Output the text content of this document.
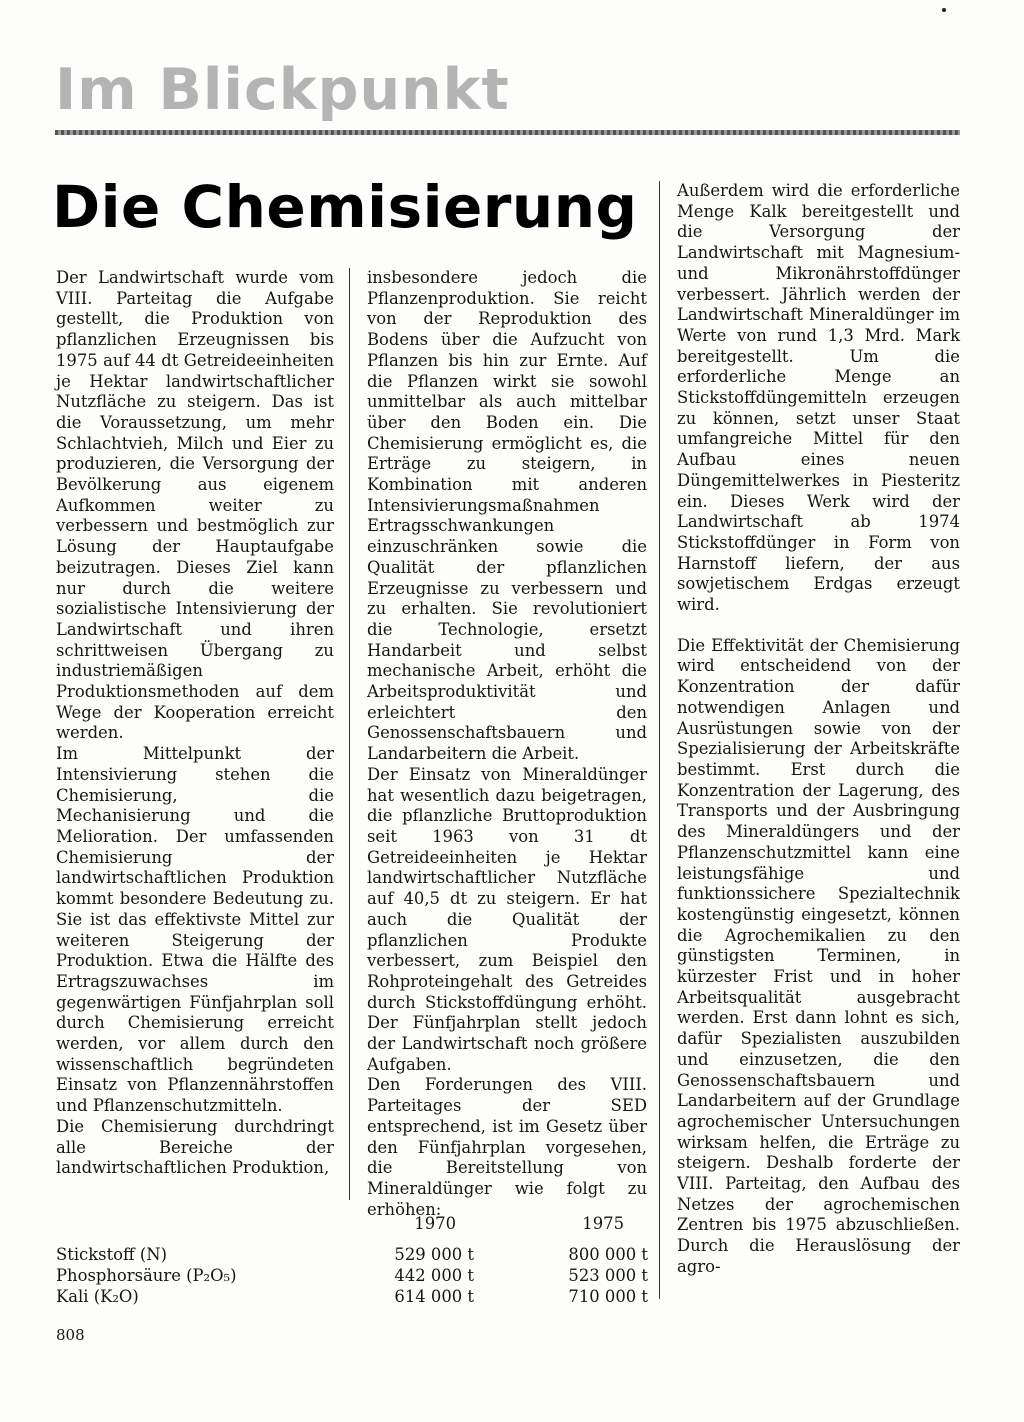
Im Blickpunkt
Die Chemisierung

Der Landwirtschaft wurde vom VIII. Parteitag die Aufgabe gestellt, die Produktion von pflanzlichen Erzeugnissen bis 1975 auf 44 dt Getreideeinheiten je Hektar landwirtschaftlicher Nutzfläche zu steigern. Das ist die Voraussetzung, um mehr Schlachtvieh, Milch und Eier zu produzieren, die Versorgung der Bevölkerung aus eigenem Aufkommen weiter zu verbessern und bestmöglich zur Lösung der Hauptaufgabe beizutragen. Dieses Ziel kann nur durch die weitere sozialistische Intensivierung der Landwirtschaft und ihren schrittweisen Übergang zu industriemäßigen Produktionsmethoden auf dem Wege der Kooperation erreicht werden.

Im Mittelpunkt der Intensivierung stehen die Chemisierung, die Mechanisierung und die Melioration. Der umfassenden Chemisierung der landwirtschaftlichen Produktion kommt besondere Bedeutung zu. Sie ist das effektivste Mittel zur weiteren Steigerung der Produktion. Etwa die Hälfte des Ertragszuwachses im gegenwärtigen Fünfjahrplan soll durch Chemisierung erreicht werden, vor allem durch den wissenschaftlich begründeten Einsatz von Pflanzennährstoffen und Pflanzenschutzmitteln.

Die Chemisierung durchdringt alle Bereiche der landwirtschaftlichen Produktion,

insbesondere jedoch die Pflanzenproduktion. Sie reicht von der Reproduktion des Bodens über die Aufzucht von Pflanzen bis hin zur Ernte. Auf die Pflanzen wirkt sie sowohl unmittelbar als auch mittelbar über den Boden ein. Die Chemisierung ermöglicht es, die Erträge zu steigern, in Kombination mit anderen Intensivierungsmaßnahmen Ertragsschwankungen einzuschränken sowie die Qualität der pflanzlichen Erzeugnisse zu verbessern und zu erhalten. Sie revolutioniert die Technologie, ersetzt Handarbeit und selbst mechanische Arbeit, erhöht die Arbeitsproduktivität und erleichtert den Genossenschaftsbauern und Landarbeitern die Arbeit.

Der Einsatz von Mineraldünger hat wesentlich dazu beigetragen, die pflanzliche Bruttoproduktion seit 1963 von 31 dt Getreideeinheiten je Hektar landwirtschaftlicher Nutzfläche auf 40,5 dt zu steigern. Er hat auch die Qualität der pflanzlichen Produkte verbessert, zum Beispiel den Rohproteingehalt des Getreides durch Stickstoffdüngung erhöht. Der Fünfjahrplan stellt jedoch der Landwirtschaft noch größere Aufgaben.

Den Forderungen des VIII. Parteitages der SED entsprechend, ist im Gesetz über den Fünfjahrplan vorgesehen, die Bereitstellung von Mineraldünger wie folgt zu erhöhen:

Außerdem wird die erforderliche Menge Kalk bereitgestellt und die Versorgung der Landwirtschaft mit Magnesium- und Mikronährstoffdünger verbessert. Jährlich werden der Landwirtschaft Mineraldünger im Werte von rund 1,3 Mrd. Mark bereitgestellt. Um die erforderliche Menge an Stickstoffdüngemitteln erzeugen zu können, setzt unser Staat umfangreiche Mittel für den Aufbau eines neuen Düngemittelwerkes in Piesteritz ein. Dieses Werk wird der Landwirtschaft ab 1974 Stickstoffdünger in Form von Harnstoff liefern, der aus sowjetischem Erdgas erzeugt wird.

Die Effektivität der Chemisierung wird entscheidend von der Konzentration der dafür notwendigen Anlagen und Ausrüstungen sowie von der Spezialisierung der Arbeitskräfte bestimmt. Erst durch die Konzentration der Lagerung, des Transports und der Ausbringung des Mineraldüngers und der Pflanzenschutzmittel kann eine leistungsfähige und funktionssichere Spezialtechnik kostengünstig eingesetzt, können die Agrochemikalien zu den günstigsten Terminen, in kürzester Frist und in hoher Arbeitsqualität ausgebracht werden. Erst dann lohnt es sich, dafür Spezialisten auszubilden und einzusetzen, die den Genossenschaftsbauern und Landarbeitern auf der Grundlage agrochemischer Untersuchungen wirksam helfen, die Erträge zu steigern. Deshalb forderte der VIII. Parteitag, den Aufbau des Netzes der agrochemischen Zentren bis 1975 abzuschließen. Durch die Herauslösung der agro-

	1970	1975
Stickstoff (N)	529 000 t	800 000 t
Phosphorsäure (P₂O₅)	442 000 t	523 000 t
Kali (K₂O)	614 000 t	710 000 t
808
